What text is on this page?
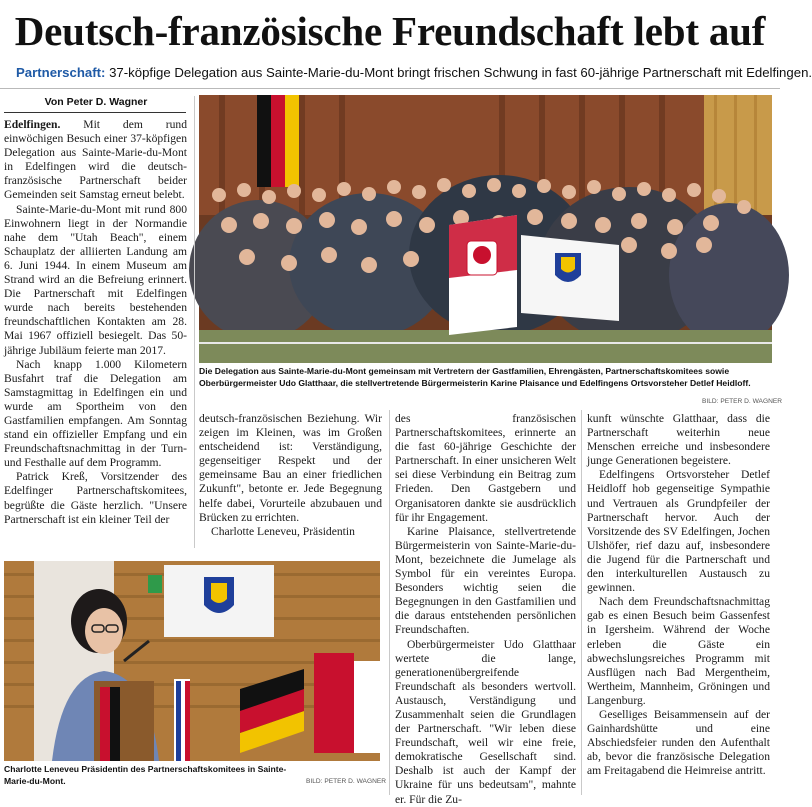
Deutsch-französische Freundschaft lebt auf
Partnerschaft: 37-köpfige Delegation aus Sainte-Marie-du-Mont bringt frischen Schwung in fast 60-jährige Partnerschaft mit Edelfingen.
Von Peter D. Wagner

Edelfingen. Mit dem rund einwöchigen Besuch einer 37-köpfigen Delegation aus Sainte-Marie-du-Mont in Edelfingen wird die deutsch-französische Partnerschaft beider Gemeinden seit Samstag erneut belebt.

Sainte-Marie-du-Mont mit rund 800 Einwohnern liegt in der Normandie nahe dem "Utah Beach", einem Schauplatz der alliierten Landung am 6. Juni 1944. In einem Museum am Strand wird an die Befreiung erinnert. Die Partnerschaft mit Edelfingen wurde nach bereits bestehenden freundschaftlichen Kontakten am 28. Mai 1967 offiziell besiegelt. Das 50-jährige Jubiläum feierte man 2017.

Nach knapp 1.000 Kilometern Busfahrt traf die Delegation am Samstagmittag in Edelfingen ein und wurde am Sportheim von den Gastfamilien empfangen. Am Sonntag stand ein offizieller Empfang und ein Freundschaftsnachmittag in der Turn- und Festhalle auf dem Programm.

Patrick Kreß, Vorsitzender des Edelfinger Partnerschaftskomitees, begrüßte die Gäste herzlich. "Unsere Partnerschaft ist ein kleiner Teil der

Die Delegation aus Sainte-Marie-du-Mont gemeinsam mit Vertretern der Gastfamilien, Ehrengästen, Partnerschaftskomitees sowie Oberbürgermeister Udo Glatthaar, die stellvertretende Bürgermeisterin Karine Plaisance und Edelfingens Ortsvorsteher Detlef Heidloff.
BILD: PETER D. WAGNER

deutsch-französischen Beziehung. Wir zeigen im Kleinen, was im Großen entscheidend ist: Verständigung, gegenseitiger Respekt und der gemeinsame Bau an einer friedlichen Zukunft", betonte er. Jede Begegnung helfe dabei, Vorurteile abzubauen und Brücken zu errichten.

Charlotte Leneveu, Präsidentin

Charlotte Leneveu Präsidentin des Partnerschaftskomitees in Sainte-Marie-du-Mont.	BILD: PETER D. WAGNER

des französischen Partnerschaftskomitees, erinnerte an die fast 60-jährige Geschichte der Partnerschaft. In einer unsicheren Welt sei diese Verbindung ein Beitrag zum Frieden. Den Gastgebern und Organisatoren dankte sie ausdrücklich für ihr Engagement.

Karine Plaisance, stellvertretende Bürgermeisterin von Sainte-Marie-du-Mont, bezeichnete die Jumelage als Symbol für ein vereintes Europa. Besonders wichtig seien die Begegnungen in den Gastfamilien und die daraus entstehenden persönlichen Freundschaften.

Oberbürgermeister Udo Glatthaar wertete die lange, generationenübergreifende Freundschaft als besonders wertvoll. Austausch, Verständigung und Zusammenhalt seien die Grundlagen der Partnerschaft. "Wir leben diese Freundschaft, weil wir eine freie, demokratische Gesellschaft sind. Deshalb ist auch der Kampf der Ukraine für uns bedeutsam", mahnte er. Für die Zu-

kunft wünschte Glatthaar, dass die Partnerschaft weiterhin neue Menschen erreiche und insbesondere junge Generationen begeistere.

Edelfingens Ortsvorsteher Detlef Heidloff hob gegenseitige Sympathie und Vertrauen als Grundpfeiler der Partnerschaft hervor. Auch der Vorsitzende des SV Edelfingen, Jochen Ulshöfer, rief dazu auf, insbesondere die Jugend für die Partnerschaft und den interkulturellen Austausch zu gewinnen.

Nach dem Freundschaftsnachmittag gab es einen Besuch beim Gassenfest in Igersheim. Während der Woche erleben die Gäste ein abwechslungsreiches Programm mit Ausflügen nach Bad Mergentheim, Wertheim, Mannheim, Gröningen und Langenburg.

Geselliges Beisammensein auf der Gainhardshütte und eine Abschiedsfeier runden den Aufenthalt ab, bevor die französische Delegation am Freitagabend die Heimreise antritt.
